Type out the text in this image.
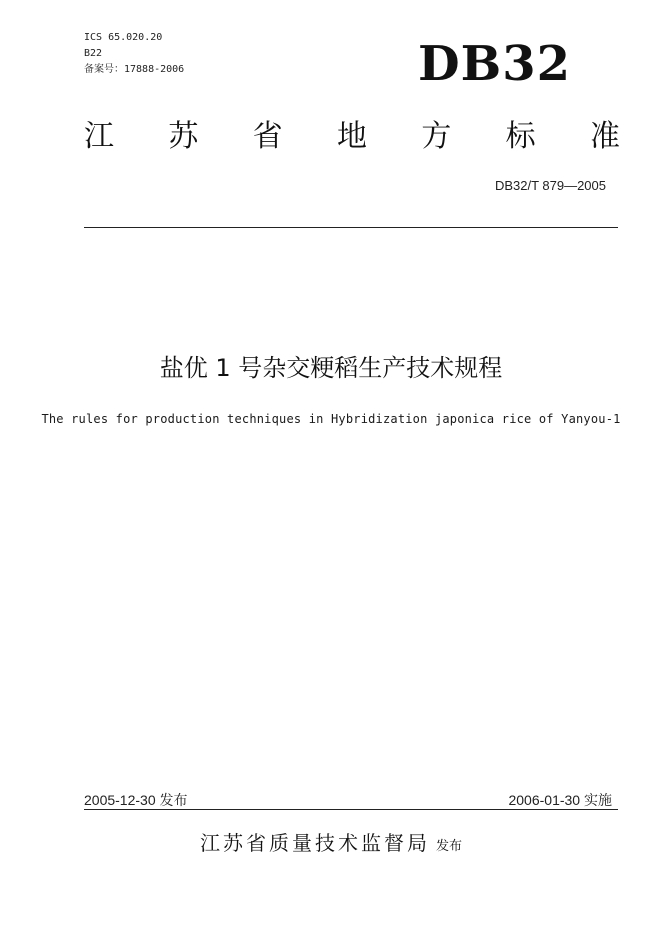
ICS 65.020.20
B22
备案号：17888-2006	DB32
江 苏 省 地 方 标 准
DB32/T 879—2005
盐优 1 号杂交粳稻生产技术规程
The rules for production techniques in Hybridization japonica rice of Yanyou-1
2005-12-30 发布	2006-01-30 实施
江苏省质量技术监督局 发布
